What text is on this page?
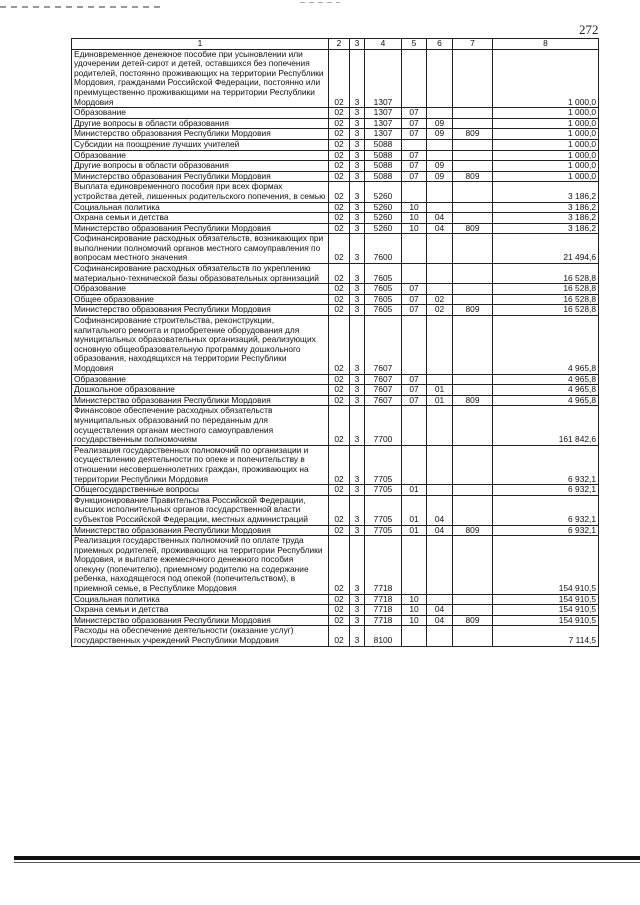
272
1	2	3	4	5	6	7	8
Единовременное денежное пособие при усыновлении или удочерении детей-сирот и детей, оставшихся без попечения родителей, постоянно проживающих на территории Республики Мордовия, гражданами Российской Федерации, постоянно или преимущественно проживающими на территории Республики Мордовия	02	3	1307				1 000,0
Образование	02	3	1307	07			1 000,0
Другие вопросы в области образования	02	3	1307	07	09		1 000,0
Министерство образования Республики Мордовия	02	3	1307	07	09	809	1 000,0
Субсидии на поощрение лучших учителей	02	3	5088				1 000,0
Образование	02	3	5088	07			1 000,0
Другие вопросы в области образования	02	3	5088	07	09		1 000,0
Министерство образования Республики Мордовия	02	3	5088	07	09	809	1 000,0
Выплата единовременного пособия при всех формах устройства детей, лишенных родительского попечения, в семью	02	3	5260				3 186,2
Социальная политика	02	3	5260	10			3 186,2
Охрана семьи и детства	02	3	5260	10	04		3 186,2
Министерство образования Республики Мордовия	02	3	5260	10	04	809	3 186,2
Софинансирование расходных обязательств, возникающих при выполнении полномочий органов местного самоуправления по вопросам местного значения	02	3	7600				21 494,6
Софинансирование расходных обязательств по укреплению материально-технической базы образовательных организаций	02	3	7605				16 528,8
Образование	02	3	7605	07			16 528,8
Общее образование	02	3	7605	07	02		16 528,8
Министерство образования Республики Мордовия	02	3	7605	07	02	809	16 528,8
Софинансирование строительства, реконструкции, капитального ремонта и приобретение оборудования для муниципальных образовательных организаций, реализующих основную общеобразовательную программу дошкольного образования, находящихся на территории Республики Мордовия	02	3	7607				4 965,8
Образование	02	3	7607	07			4 965,8
Дошкольное образование	02	3	7607	07	01		4 965,8
Министерство образования Республики Мордовия	02	3	7607	07	01	809	4 965,8
Финансовое обеспечение расходных обязательств муниципальных образований по переданным для осуществления органам местного самоуправления государственным полномочиям	02	3	7700				161 842,6
Реализация государственных полномочий по организации и осуществлению деятельности по опеке и попечительству в отношении несовершеннолетних граждан, проживающих на территории Республики Мордовия	02	3	7705				6 932,1
Общегосударственные вопросы	02	3	7705	01			6 932,1
Функционирование Правительства Российской Федерации, высших исполнительных органов государственной власти субъектов Российской Федерации, местных администраций	02	3	7705	01	04		6 932,1
Министерство образования Республики Мордовия	02	3	7705	01	04	809	6 932,1
Реализация государственных полномочий по оплате труда приемных родителей, проживающих на территории Республики Мордовия, и выплате ежемесячного денежного пособия опекуну (попечителю), приемному родителю на содержание ребенка, находящегося под опекой (попечительством), в приемной семье, в Республике Мордовия	02	3	7718				154 910,5
Социальная политика	02	3	7718	10			154 910,5
Охрана семьи и детства	02	3	7718	10	04		154 910,5
Министерство образования Республики Мордовия	02	3	7718	10	04	809	154 910,5
Расходы на обеспечение деятельности (оказание услуг) государственных учреждений Республики Мордовия	02	3	8100				7 114,5
